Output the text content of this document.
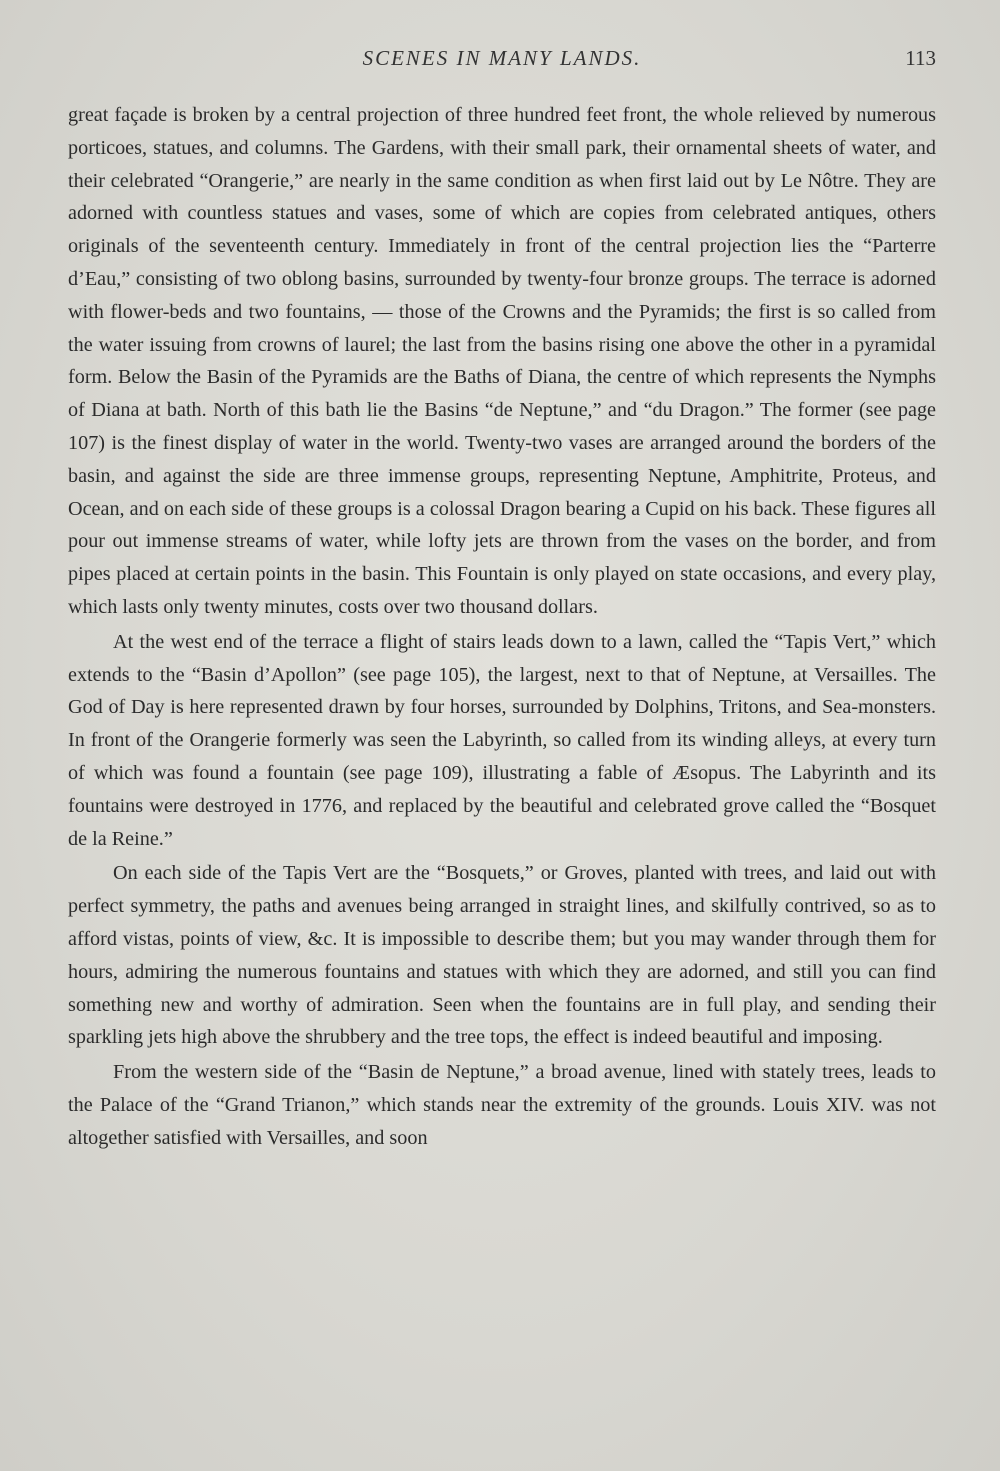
SCENES IN MANY LANDS.	113

great façade is broken by a central projection of three hundred feet front, the whole relieved by numerous porticoes, statues, and columns. The Gardens, with their small park, their ornamental sheets of water, and their celebrated “Orangerie,” are nearly in the same condition as when first laid out by Le Nôtre. They are adorned with countless statues and vases, some of which are copies from celebrated antiques, others originals of the seventeenth century. Immediately in front of the central projection lies the “Parterre d’Eau,” consisting of two oblong basins, surrounded by twenty-four bronze groups. The terrace is adorned with flower-beds and two fountains, — those of the Crowns and the Pyramids; the first is so called from the water issuing from crowns of laurel; the last from the basins rising one above the other in a pyramidal form. Below the Basin of the Pyramids are the Baths of Diana, the centre of which represents the Nymphs of Diana at bath. North of this bath lie the Basins “de Neptune,” and “du Dragon.” The former (see page 107) is the finest display of water in the world. Twenty-two vases are arranged around the borders of the basin, and against the side are three immense groups, representing Neptune, Amphitrite, Proteus, and Ocean, and on each side of these groups is a colossal Dragon bearing a Cupid on his back. These figures all pour out immense streams of water, while lofty jets are thrown from the vases on the border, and from pipes placed at certain points in the basin. This Fountain is only played on state occasions, and every play, which lasts only twenty minutes, costs over two thousand dollars.

At the west end of the terrace a flight of stairs leads down to a lawn, called the “Tapis Vert,” which extends to the “Basin d’Apollon” (see page 105), the largest, next to that of Neptune, at Versailles. The God of Day is here represented drawn by four horses, surrounded by Dolphins, Tritons, and Sea-monsters. In front of the Orangerie formerly was seen the Labyrinth, so called from its winding alleys, at every turn of which was found a fountain (see page 109), illustrating a fable of Æsopus. The Labyrinth and its fountains were destroyed in 1776, and replaced by the beautiful and celebrated grove called the “Bosquet de la Reine.”

On each side of the Tapis Vert are the “Bosquets,” or Groves, planted with trees, and laid out with perfect symmetry, the paths and avenues being arranged in straight lines, and skilfully contrived, so as to afford vistas, points of view, &c. It is impossible to describe them; but you may wander through them for hours, admiring the numerous fountains and statues with which they are adorned, and still you can find something new and worthy of admiration. Seen when the fountains are in full play, and sending their sparkling jets high above the shrubbery and the tree tops, the effect is indeed beautiful and imposing.

From the western side of the “Basin de Neptune,” a broad avenue, lined with stately trees, leads to the Palace of the “Grand Trianon,” which stands near the extremity of the grounds. Louis XIV. was not altogether satisfied with Versailles, and soon
